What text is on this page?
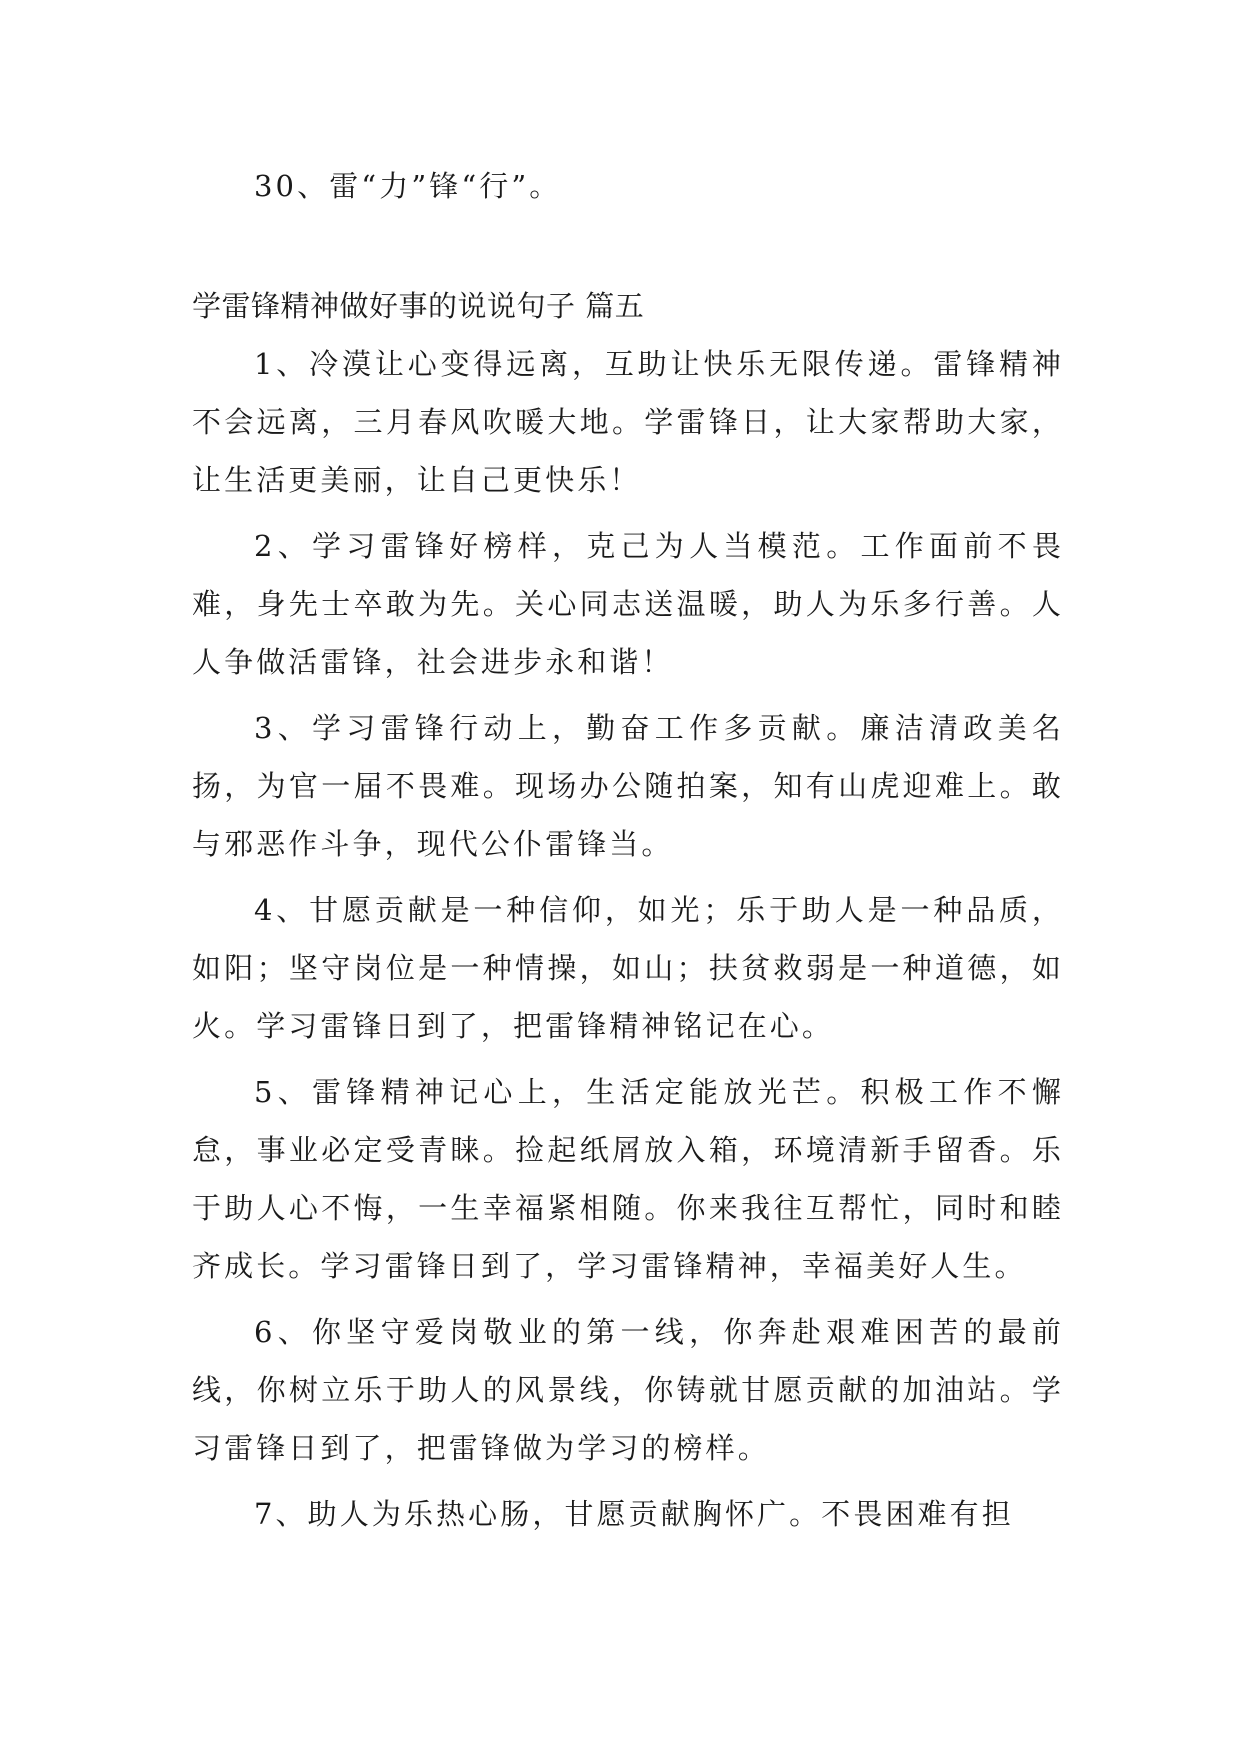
30、雷“力”锋“行”。

学雷锋精神做好事的说说句子 篇五

1、冷漠让心变得远离，互助让快乐无限传递。雷锋精神不会远离，三月春风吹暖大地。学雷锋日，让大家帮助大家，让生活更美丽，让自己更快乐！

2、学习雷锋好榜样，克己为人当模范。工作面前不畏难，身先士卒敢为先。关心同志送温暖，助人为乐多行善。人人争做活雷锋，社会进步永和谐！

3、学习雷锋行动上，勤奋工作多贡献。廉洁清政美名扬，为官一届不畏难。现场办公随拍案，知有山虎迎难上。敢与邪恶作斗争，现代公仆雷锋当。

4、甘愿贡献是一种信仰，如光；乐于助人是一种品质，如阳；坚守岗位是一种情操，如山；扶贫救弱是一种道德，如火。学习雷锋日到了，把雷锋精神铭记在心。

5、雷锋精神记心上，生活定能放光芒。积极工作不懈怠，事业必定受青睐。捡起纸屑放入箱，环境清新手留香。乐于助人心不悔，一生幸福紧相随。你来我往互帮忙，同时和睦齐成长。学习雷锋日到了，学习雷锋精神，幸福美好人生。

6、你坚守爱岗敬业的第一线，你奔赴艰难困苦的最前线，你树立乐于助人的风景线，你铸就甘愿贡献的加油站。学习雷锋日到了，把雷锋做为学习的榜样。

7、助人为乐热心肠，甘愿贡献胸怀广。不畏困难有担
